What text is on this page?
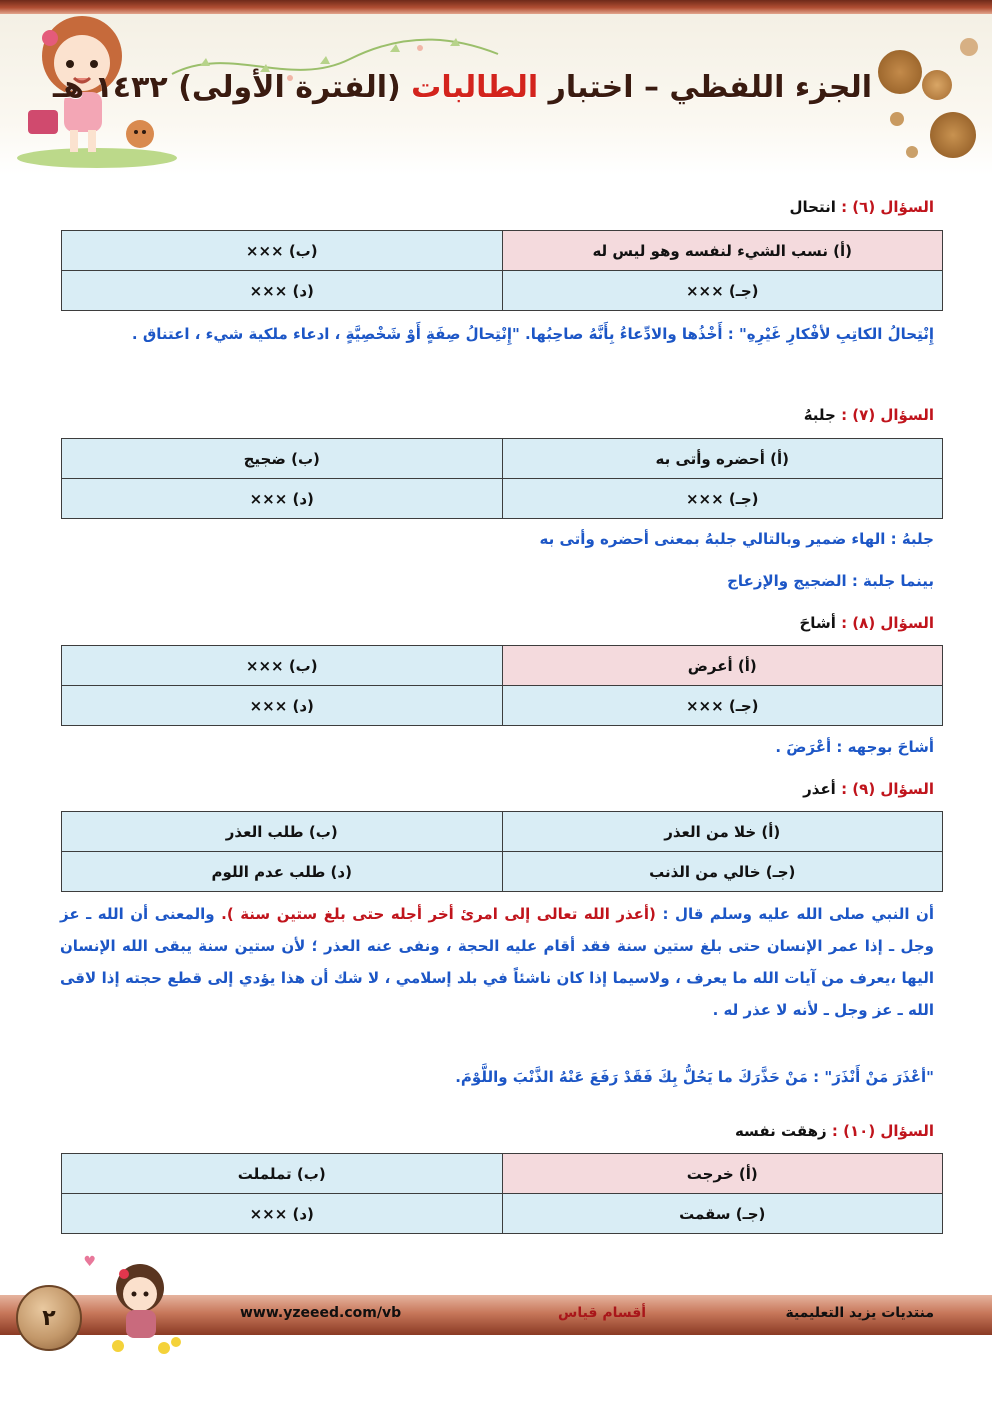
الجزء اللفظي – اختبار الطالبات (الفترة الأولى) ١٤٣٢ هـ
السؤال (٦) : انتحال
(أ) نسب الشيء لنفسه وهو ليس له	(ب) ×××
(جـ) ×××	(د) ×××
إِنْتِحالُ الكاتِبِ لأفْكارِ غَيْرِهِ" : أَخْذُها والادِّعاءُ بِأَنَّهُ صاحِبُها. "إِنْتِحالُ صِفَةٍ أَوْ شَخْصِيَّةٍ ، ادعاء ملكية شيء ، اعتناق .
السؤال (٧) : جلبهُ
(أ) أحضره وأتى به	(ب) ضجيج
(جـ) ×××	(د) ×××
جلبهُ : الهاء ضمير وبالتالي جلبهُ بمعنى أحضره وأتى به
بينما جلبة : الضجيج والإزعاج
السؤال (٨) : أشاحَ
(أ) أعرض	(ب) ×××
(جـ) ×××	(د) ×××
أشاحَ بوجهه : أعْرَضَ .
السؤال (٩) : أعذر
(أ) خلا من العذر	(ب) طلب العذر
(جـ) خالي من الذنب	(د) طلب عدم اللوم
أن النبي صلى الله عليه وسلم قال : (أعذر الله تعالى إلى امرئ أخر أجله حتى بلغ ستين سنة ). والمعنى أن الله ـ عز وجل ـ إذا عمر الإنسان حتى بلغ ستين سنة فقد أقام عليه الحجة ، ونفى عنه العذر ؛ لأن ستين سنة يبقى الله الإنسان اليها ،يعرف من آيات الله ما يعرف ، ولاسيما إذا كان ناشئاً في بلد إسلامي ، لا شك أن هذا يؤدي إلى قطع حجته إذا لاقى الله ـ عز وجل ـ لأنه لا عذر له .
"أعْذَرَ مَنْ أَنْذَرَ" : مَنْ حَذَّرَكَ ما يَحُلُّ بِكَ فَقَدْ رَفَعَ عَنْهُ الذَّنْبَ واللَّوْمَ.
السؤال (١٠) : زهقت نفسه
(أ) خرجت	(ب) تململت
(جـ) سقمت	(د) ×××
٢
♥
www.yzeeed.com/vb	أقسام قياس	منتديات يزيد التعليمية
